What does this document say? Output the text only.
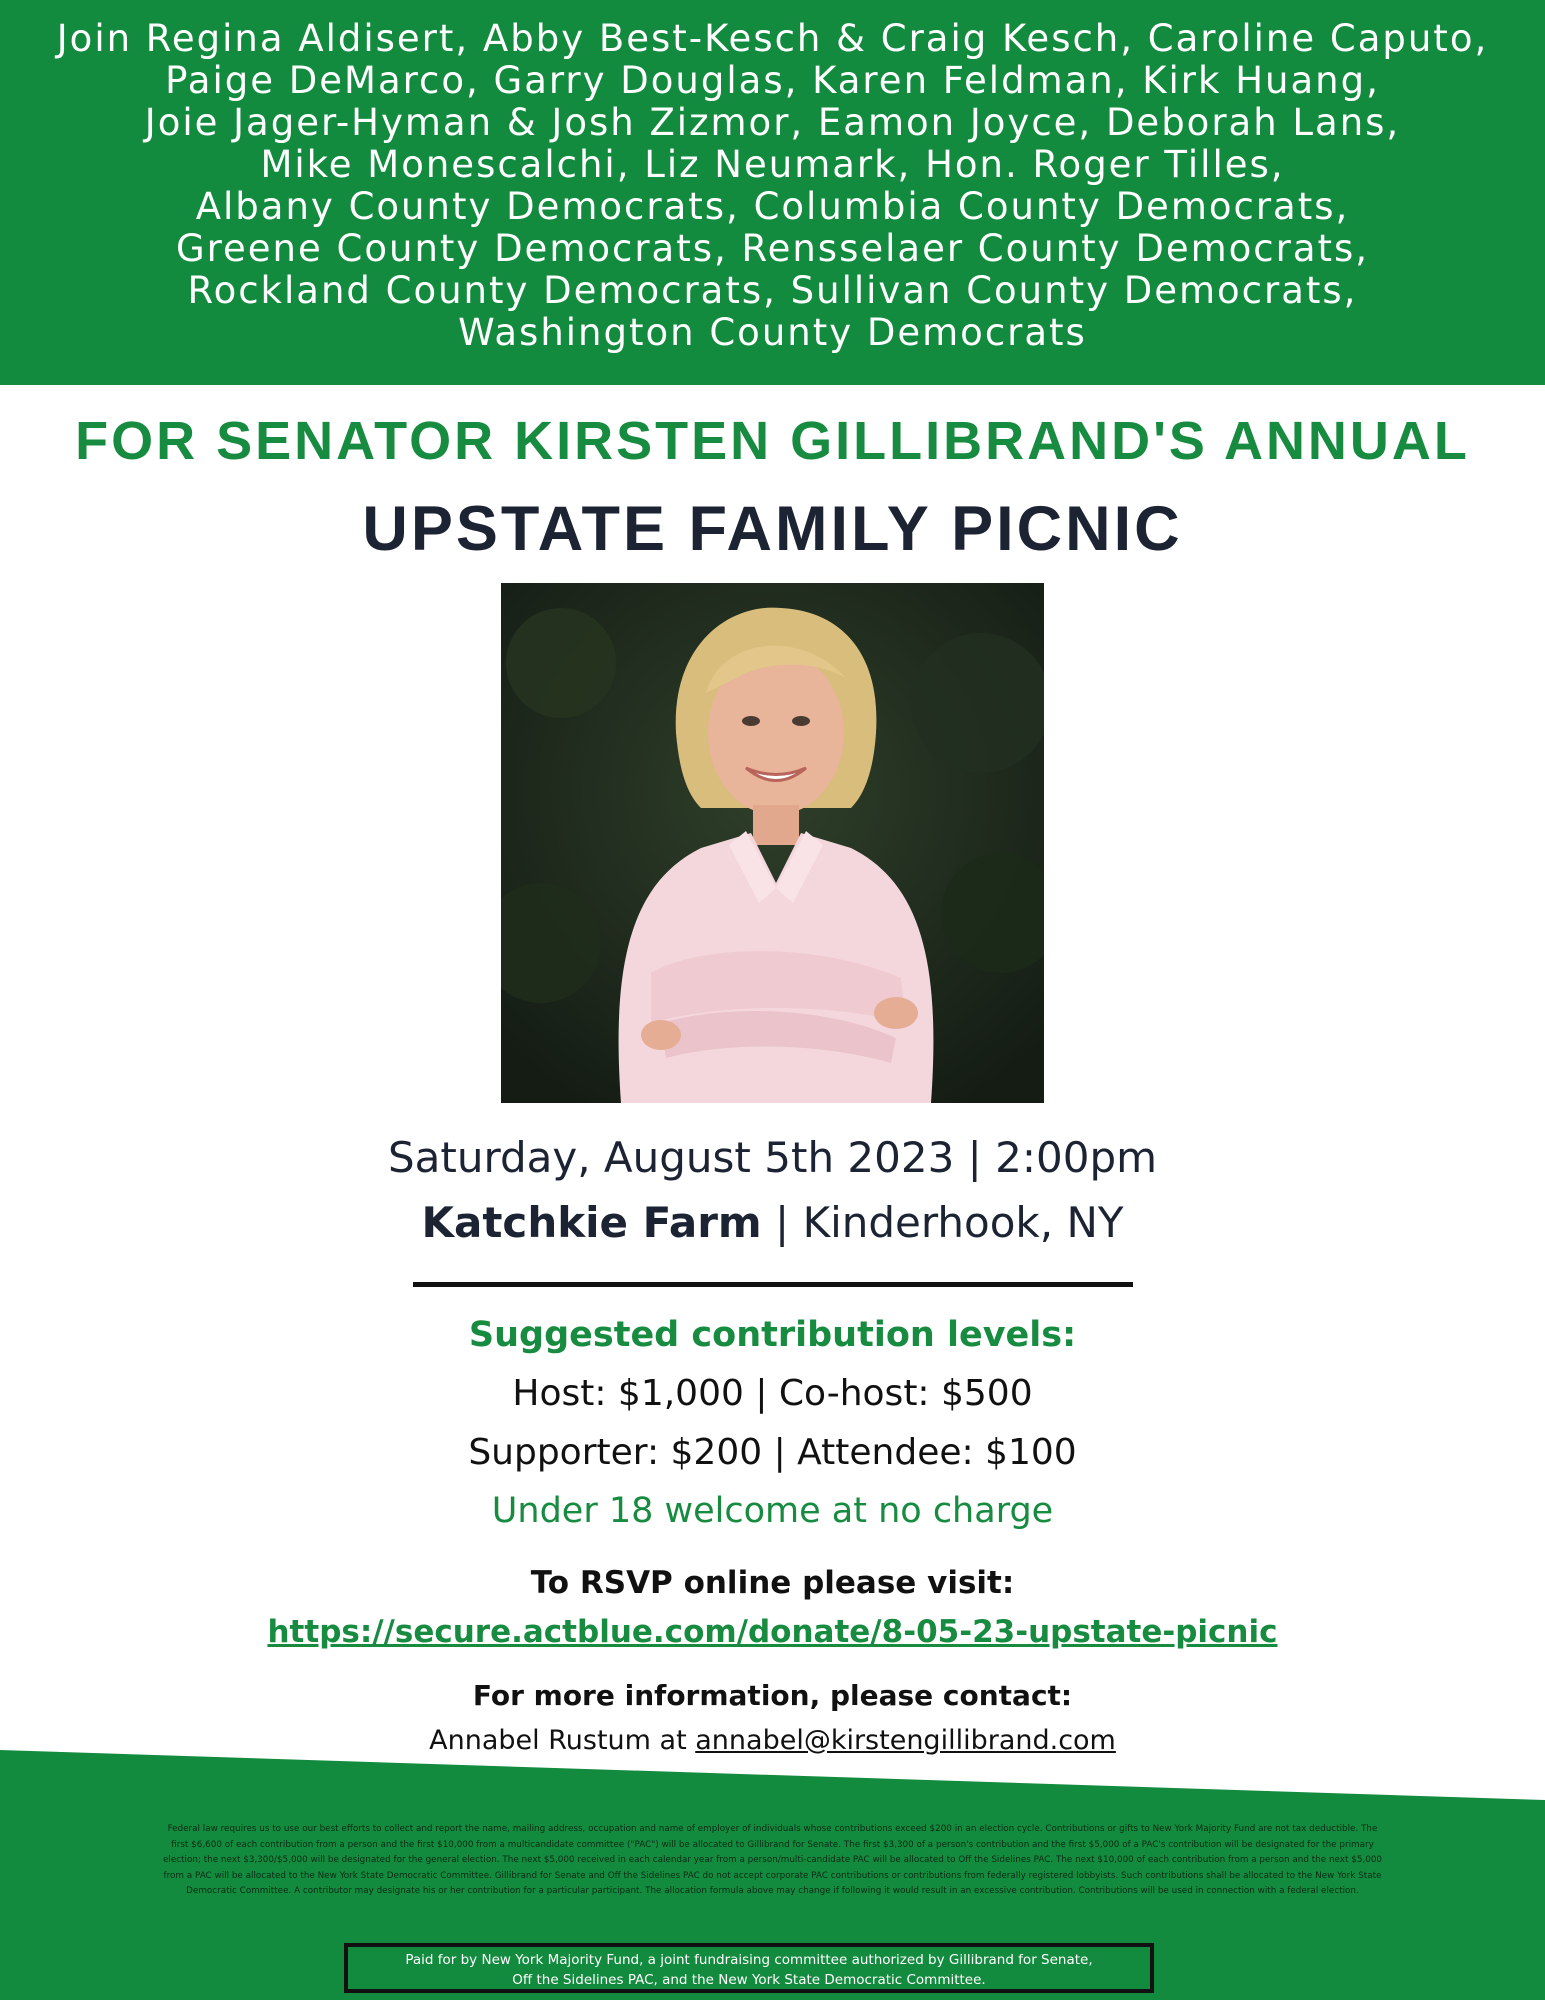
Join Regina Aldisert, Abby Best-Kesch & Craig Kesch, Caroline Caputo,
Paige DeMarco, Garry Douglas, Karen Feldman, Kirk Huang,
Joie Jager-Hyman & Josh Zizmor, Eamon Joyce, Deborah Lans,
Mike Monescalchi, Liz Neumark, Hon. Roger Tilles,
Albany County Democrats, Columbia County Democrats,
Greene County Democrats, Rensselaer County Democrats,
Rockland County Democrats, Sullivan County Democrats,
Washington County Democrats
FOR SENATOR KIRSTEN GILLIBRAND'S ANNUAL
UPSTATE FAMILY PICNIC
Saturday, August 5th 2023 | 2:00pm
Katchkie Farm | Kinderhook, NY
Suggested contribution levels:
Host: $1,000 | Co-host: $500
Supporter: $200 | Attendee: $100
Under 18 welcome at no charge
To RSVP online please visit:
https://secure.actblue.com/donate/8-05-23-upstate-picnic
For more information, please contact:
Annabel Rustum at annabel@kirstengillibrand.com
Federal law requires us to use our best efforts to collect and report the name, mailing address, occupation and name of employer of individuals whose contributions exceed $200 in an election cycle. Contributions or gifts to New York Majority Fund are not tax deductible. The first $6,600 of each contribution from a person and the first $10,000 from a multicandidate committee ("PAC") will be allocated to Gillibrand for Senate. The first $3,300 of a person's contribution and the first $5,000 of a PAC's contribution will be designated for the primary election; the next $3,300/$5,000 will be designated for the general election. The next $5,000 received in each calendar year from a person/multi-candidate PAC will be allocated to Off the Sidelines PAC. The next $10,000 of each contribution from a person and the next $5,000 from a PAC will be allocated to the New York State Democratic Committee. Gillibrand for Senate and Off the Sidelines PAC do not accept corporate PAC contributions or contributions from federally registered lobbyists. Such contributions shall be allocated to the New York State Democratic Committee. A contributor may designate his or her contribution for a particular participant. The allocation formula above may change if following it would result in an excessive contribution. Contributions will be used in connection with a federal election.
Paid for by New York Majority Fund, a joint fundraising committee authorized by Gillibrand for Senate,
Off the Sidelines PAC, and the New York State Democratic Committee.
